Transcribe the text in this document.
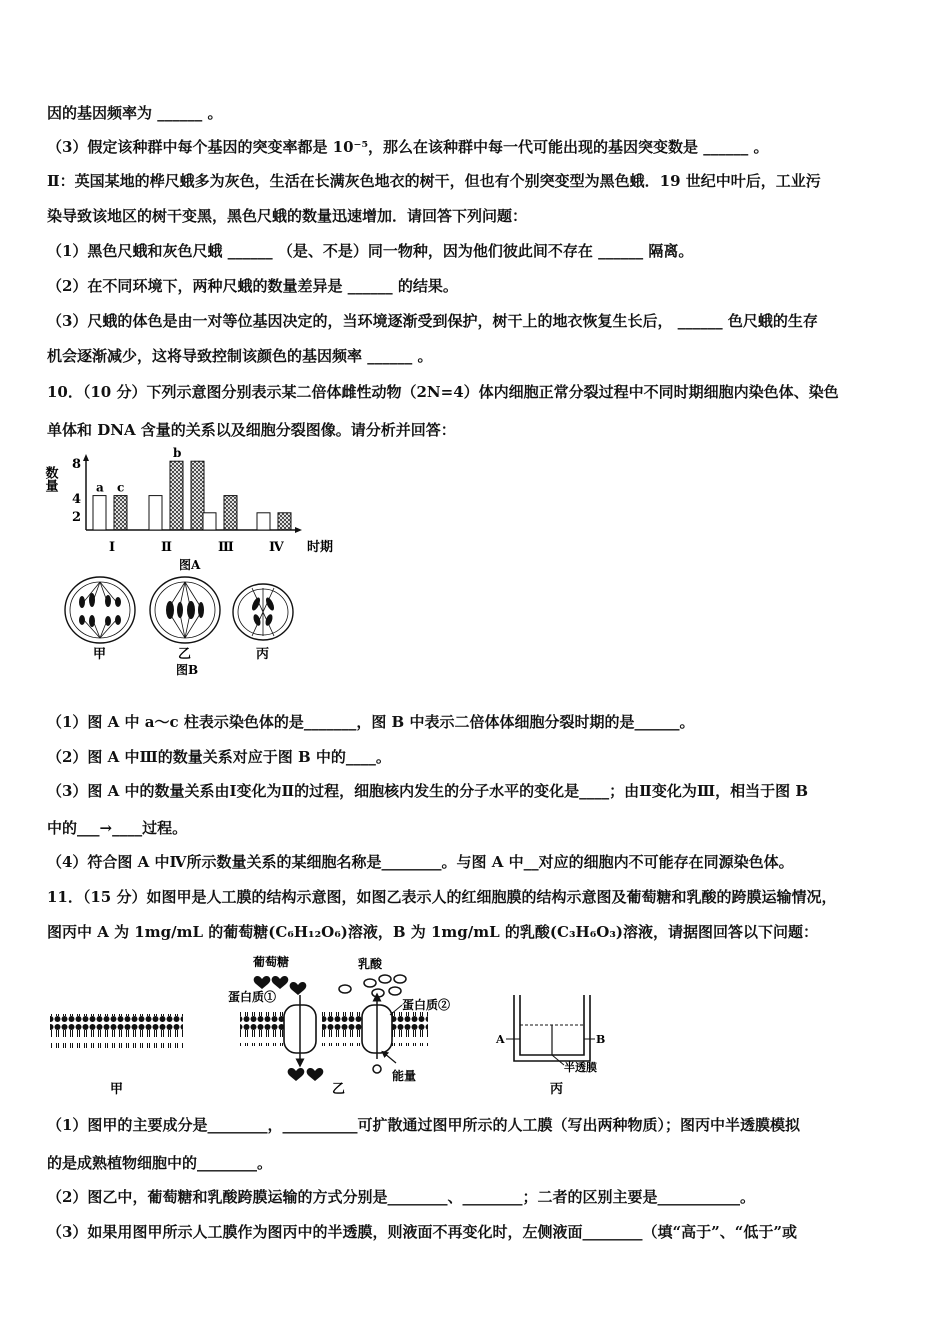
因的基因频率为 ______ 。
（3）假定该种群中每个基因的突变率都是 10⁻⁵，那么在该种群中每一代可能出现的基因突变数是 ______ 。
Ⅱ：英国某地的桦尺蛾多为灰色，生活在长满灰色地衣的树干，但也有个别突变型为黑色蛾．19 世纪中叶后，工业污
染导致该地区的树干变黑，黑色尺蛾的数量迅速增加．请回答下列问题：
（1）黑色尺蛾和灰色尺蛾 ______ （是、不是）同一物种，因为他们彼此间不存在 ______ 隔离。
（2）在不同环境下，两种尺蛾的数量差异是 ______ 的结果。
（3）尺蛾的体色是由一对等位基因决定的，当环境逐渐受到保护，树干上的地衣恢复生长后， ______ 色尺蛾的生存
机会逐渐减少，这将导致控制该颜色的基因频率 ______ 。
10．（10 分）下列示意图分别表示某二倍体雌性动物（2N=4）体内细胞正常分裂过程中不同时期细胞内染色体、染色
单体和 DNA 含量的关系以及细胞分裂图像。请分析并回答：
数量
8
4
2
a c
b
Ⅰ	Ⅱ	Ⅲ	Ⅳ 时期
图A
甲	乙	丙
图B
（1）图 A 中 a～c 柱表示染色体的是_______，图 B 中表示二倍体体细胞分裂时期的是______。
（2）图 A 中Ⅲ的数量关系对应于图 B 中的____。
（3）图 A 中的数量关系由Ⅰ变化为Ⅱ的过程，细胞核内发生的分子水平的变化是____；由Ⅱ变化为Ⅲ，相当于图 B
中的___→____过程。
（4）符合图 A 中Ⅳ所示数量关系的某细胞名称是________。与图 A 中__对应的细胞内不可能存在同源染色体。
11．（15 分）如图甲是人工膜的结构示意图，如图乙表示人的红细胞膜的结构示意图及葡萄糖和乳酸的跨膜运输情况，
图丙中 A 为 1mg/mL 的葡萄糖(C₆H₁₂O₆)溶液，B 为 1mg/mL 的乳酸(C₃H₆O₃)溶液，请据图回答以下问题：
甲
葡萄糖	乳酸
蛋白质①
蛋白质②
能量
乙
A	B
半透膜
丙
（1）图甲的主要成分是________，__________可扩散通过图甲所示的人工膜（写出两种物质）；图丙中半透膜模拟
的是成熟植物细胞中的________。
（2）图乙中，葡萄糖和乳酸跨膜运输的方式分别是________、________；二者的区别主要是___________。
（3）如果用图甲所示人工膜作为图丙中的半透膜，则液面不再变化时，左侧液面________（填“高于”、“低于”或
